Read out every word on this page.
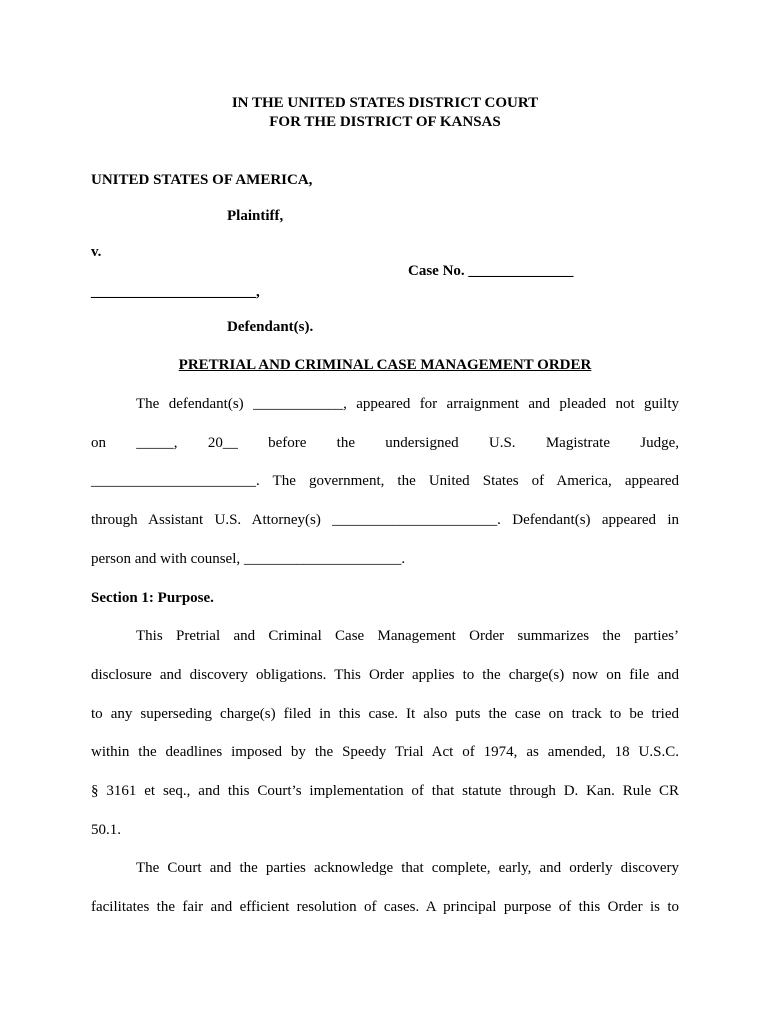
IN THE UNITED STATES DISTRICT COURT
FOR THE DISTRICT OF KANSAS
UNITED STATES OF AMERICA,
Plaintiff,
v.
Case No. ______________
______________________,
Defendant(s).
PRETRIAL AND CRIMINAL CASE MANAGEMENT ORDER
The defendant(s) ____________, appeared for arraignment and pleaded not guilty
on _____, 20__ before the undersigned U.S. Magistrate Judge,
______________________. The government, the United States of America, appeared
through Assistant U.S. Attorney(s) ______________________. Defendant(s) appeared in
person and with counsel, _____________________.
Section 1: Purpose.
This Pretrial and Criminal Case Management Order summarizes the parties’
disclosure and discovery obligations. This Order applies to the charge(s) now on file and
to any superseding charge(s) filed in this case. It also puts the case on track to be tried
within the deadlines imposed by the Speedy Trial Act of 1974, as amended, 18 U.S.C.
§ 3161 et seq., and this Court’s implementation of that statute through D. Kan. Rule CR
50.1.
The Court and the parties acknowledge that complete, early, and orderly discovery
facilitates the fair and efficient resolution of cases. A principal purpose of this Order is to
